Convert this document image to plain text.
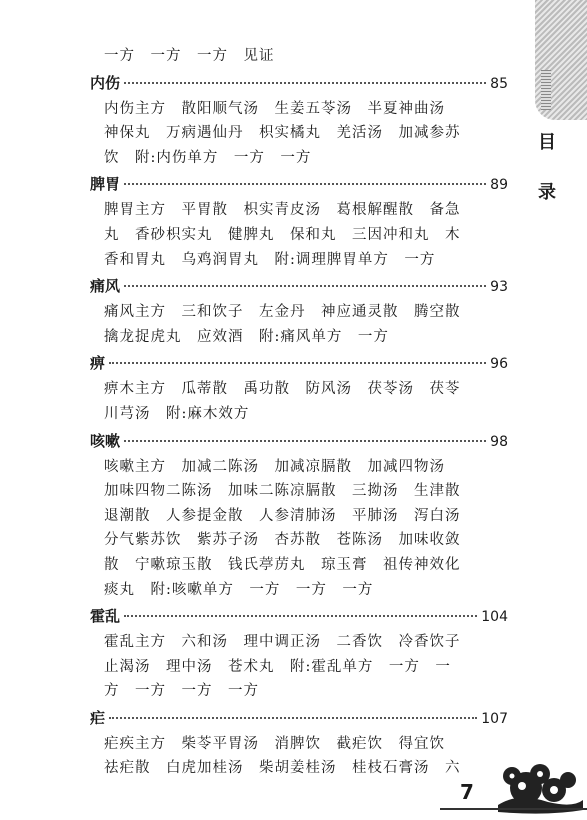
目
录
一方　一方　一方　见证
内伤	85
内伤主方　散阳顺气汤　生姜五苓汤　半夏神曲汤
神保丸　万病遇仙丹　枳实橘丸　羌活汤　加减参苏
饮　附:内伤单方　一方　一方
脾胃	89
脾胃主方　平胃散　枳实青皮汤　葛根解醒散　备急
丸　香砂枳实丸　健脾丸　保和丸　三因冲和丸　木
香和胃丸　乌鸡润胃丸　附:调理脾胃单方　一方
痛风	93
痛风主方　三和饮子　左金丹　神应通灵散　腾空散
擒龙捉虎丸　应效酒　附:痛风单方　一方
痹	96
痹木主方　瓜蒂散　禹功散　防风汤　茯苓汤　茯苓
川芎汤　附:麻木效方
咳嗽	98
咳嗽主方　加减二陈汤　加减凉膈散　加减四物汤
加味四物二陈汤　加味二陈凉膈散　三拗汤　生津散
退潮散　人参提金散　人参清肺汤　平肺汤　泻白汤
分气紫苏饮　紫苏子汤　杏苏散　苍陈汤　加味收敛
散　宁嗽琼玉散　钱氏葶苈丸　琼玉膏　祖传神效化
痰丸　附:咳嗽单方　一方　一方　一方
霍乱	104
霍乱主方　六和汤　理中调正汤　二香饮　冷香饮子
止渴汤　理中汤　苍术丸　附:霍乱单方　一方　一
方　一方　一方　一方
疟	107
疟疾主方　柴苓平胃汤　消脾饮　截疟饮　得宜饮
祛疟散　白虎加桂汤　柴胡姜桂汤　桂枝石膏汤　六
7
